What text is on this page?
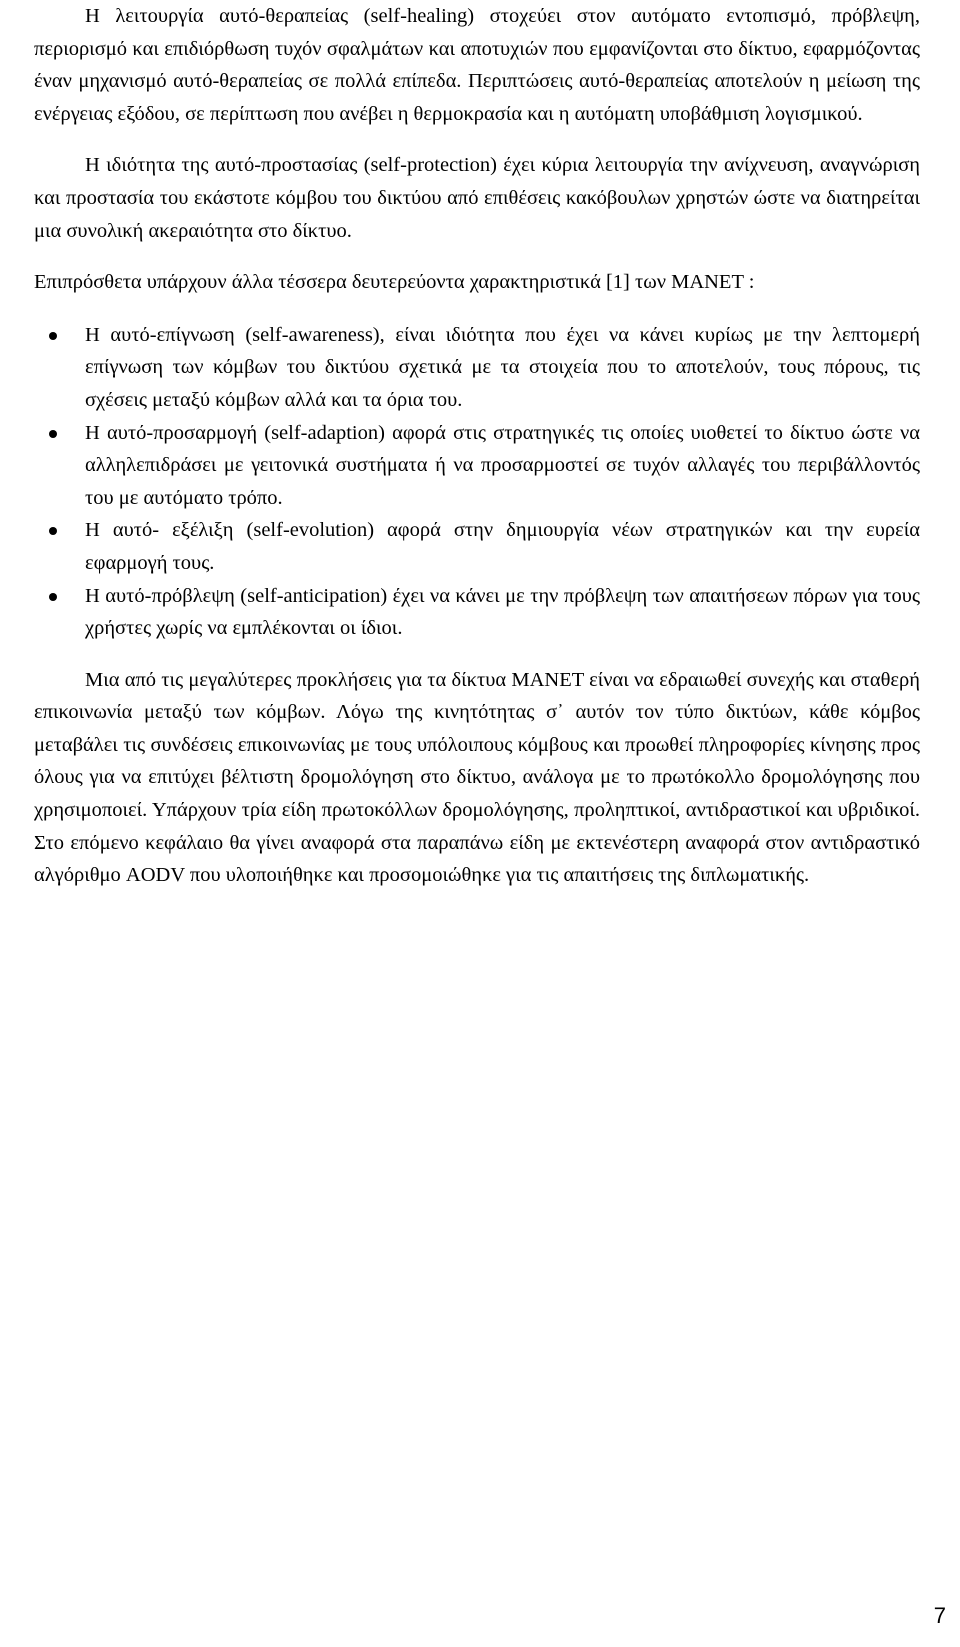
Η λειτουργία αυτό-θεραπείας (self-healing) στοχεύει στον αυτόματο εντοπισμό, πρόβλεψη, περιορισμό και επιδιόρθωση τυχόν σφαλμάτων και αποτυχιών που εμφανίζονται στο δίκτυο, εφαρμόζοντας έναν μηχανισμό αυτό-θεραπείας σε πολλά επίπεδα. Περιπτώσεις αυτό-θεραπείας αποτελούν η μείωση της ενέργειας εξόδου, σε περίπτωση που ανέβει η θερμοκρασία και η αυτόματη υποβάθμιση λογισμικού.

Η ιδιότητα της αυτό-προστασίας (self-protection) έχει κύρια λειτουργία την ανίχνευση, αναγνώριση και προστασία του εκάστοτε κόμβου του δικτύου από επιθέσεις κακόβουλων χρηστών ώστε να διατηρείται μια συνολική ακεραιότητα στο δίκτυο.

Επιπρόσθετα υπάρχουν άλλα τέσσερα δευτερεύοντα χαρακτηριστικά [1] των MANET :

Η αυτό-επίγνωση (self-awareness), είναι ιδιότητα που έχει να κάνει κυρίως με την λεπτομερή επίγνωση των κόμβων του δικτύου σχετικά με τα στοιχεία που το αποτελούν, τους πόρους, τις σχέσεις μεταξύ κόμβων αλλά και τα όρια του.
Η αυτό-προσαρμογή (self-adaption) αφορά στις στρατηγικές τις οποίες υιοθετεί το δίκτυο ώστε να αλληλεπιδράσει με γειτονικά συστήματα ή να προσαρμοστεί σε τυχόν αλλαγές του περιβάλλοντός του με αυτόματο τρόπο.
Η αυτό- εξέλιξη (self-evolution) αφορά στην δημιουργία νέων στρατηγικών και την ευρεία εφαρμογή τους.
Η αυτό-πρόβλεψη (self-anticipation) έχει να κάνει με την πρόβλεψη των απαιτήσεων πόρων για τους χρήστες χωρίς να εμπλέκονται οι ίδιοι.

Μια από τις μεγαλύτερες προκλήσεις για τα δίκτυα MANET είναι να εδραιωθεί συνεχής και σταθερή επικοινωνία μεταξύ των κόμβων. Λόγω της κινητότητας σ᾽ αυτόν τον τύπο δικτύων, κάθε κόμβος μεταβάλει τις συνδέσεις επικοινωνίας με τους υπόλοιπους κόμβους και προωθεί πληροφορίες κίνησης προς όλους για να επιτύχει βέλτιστη δρομολόγηση στο δίκτυο, ανάλογα με το πρωτόκολλο δρομολόγησης που χρησιμοποιεί. Υπάρχουν τρία είδη πρωτοκόλλων δρομολόγησης, προληπτικοί, αντιδραστικοί και υβριδικοί. Στο επόμενο κεφάλαιο θα γίνει αναφορά στα παραπάνω είδη με εκτενέστερη αναφορά στον αντιδραστικό αλγόριθμο AODV που υλοποιήθηκε και προσομοιώθηκε για τις απαιτήσεις της διπλωματικής.

7
